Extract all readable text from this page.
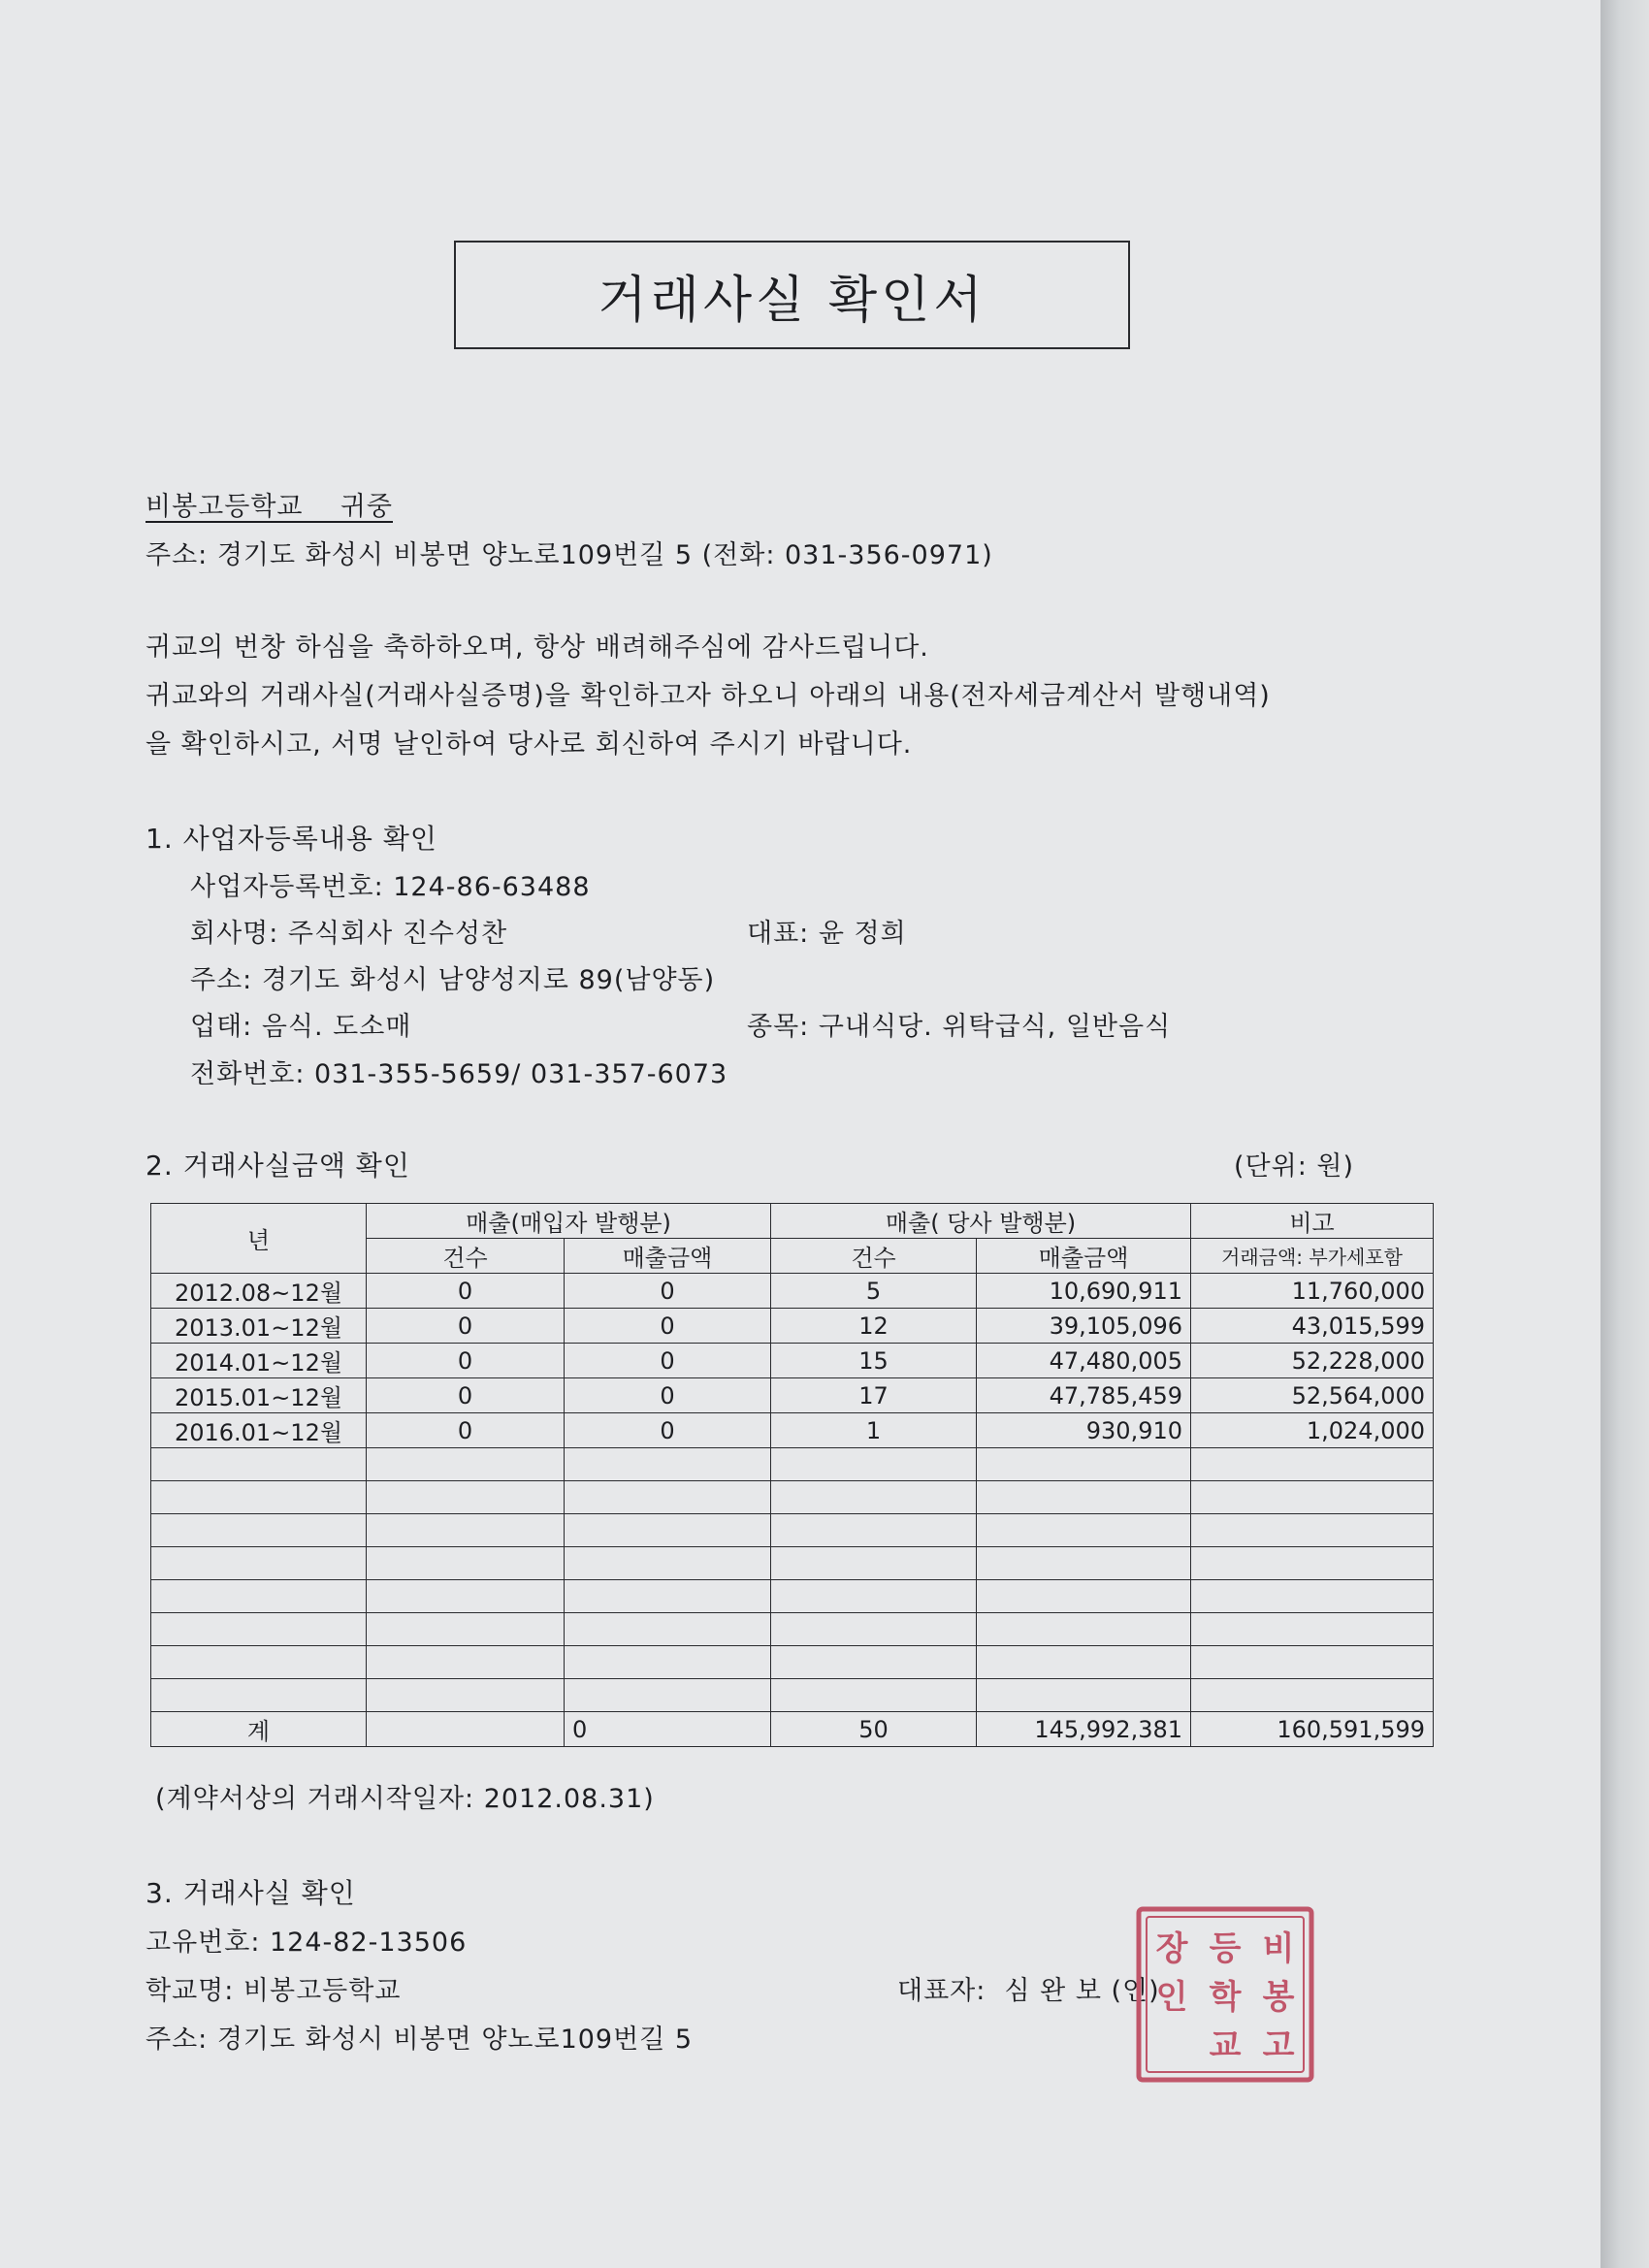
거래사실 확인서
비봉고등학교    귀중
주소: 경기도 화성시 비봉면 양노로109번길 5 (전화: 031-356-0971)
귀교의 번창 하심을 축하하오며, 항상 배려해주심에 감사드립니다.
귀교와의 거래사실(거래사실증명)을 확인하고자 하오니 아래의 내용(전자세금계산서 발행내역)
을 확인하시고, 서명 날인하여 당사로 회신하여 주시기 바랍니다.
1. 사업자등록내용 확인
사업자등록번호: 124-86-63488
회사명: 주식회사 진수성찬	대표: 윤 정희
주소: 경기도 화성시 남양성지로 89(남양동)
업태: 음식. 도소매	종목: 구내식당. 위탁급식, 일반음식
전화번호: 031-355-5659/ 031-357-6073
2. 거래사실금액 확인	(단위: 원)
년	매출(매입자 발행분)		매출( 당사 발행분)		비고
	건수	매출금액	건수	매출금액	거래금액: 부가세포함
2012.08~12월	0	0	5	10,690,911	11,760,000
2013.01~12월	0	0	12	39,105,096	43,015,599
2014.01~12월	0	0	15	47,480,005	52,228,000
2015.01~12월	0	0	17	47,785,459	52,564,000
2016.01~12월	0	0	1	930,910	1,024,000

계		0	50	145,992,381	160,591,599
(계약서상의 거래시작일자: 2012.08.31)
3. 거래사실 확인
고유번호: 124-82-13506
학교명: 비봉고등학교	대표자:  심 완 보 (인)
주소: 경기도 화성시 비봉면 양노로109번길 5
비
봉
고
등
학
교
장
인
